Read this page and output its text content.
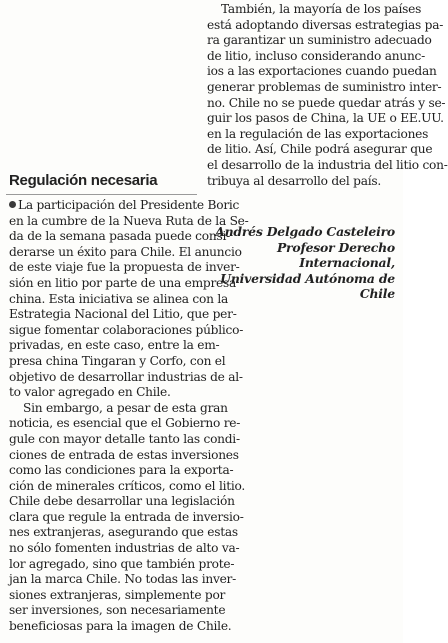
También, la mayoría de los países
está adoptando diversas estrategias pa-
ra garantizar un suministro adecuado
de litio, incluso considerando anunc-
ios a las exportaciones cuando puedan
generar problemas de suministro inter-
no. Chile no se puede quedar atrás y se-
guir los pasos de China, la UE o EE.UU.
en la regulación de las exportaciones
de litio. Así, Chile podrá asegurar que
el desarrollo de la industria del litio con-
tribuya al desarrollo del país.
Andrés Delgado Casteleiro
Profesor Derecho Internacional,
Universidad Autónoma de Chile
Regulación necesaria
La participación del Presidente Boric
en la cumbre de la Nueva Ruta de la Se-
da de la semana pasada puede consi-
derarse un éxito para Chile. El anuncio
de este viaje fue la propuesta de inver-
sión en litio por parte de una empresa
china. Esta iniciativa se alinea con la
Estrategia Nacional del Litio, que per-
sigue fomentar colaboraciones público-
privadas, en este caso, entre la em-
presa china Tingaran y Corfo, con el
objetivo de desarrollar industrias de al-
to valor agregado en Chile.
Sin embargo, a pesar de esta gran
noticia, es esencial que el Gobierno re-
gule con mayor detalle tanto las condi-
ciones de entrada de estas inversiones
como las condiciones para la exporta-
ción de minerales críticos, como el litio.
Chile debe desarrollar una legislación
clara que regule la entrada de inversio-
nes extranjeras, asegurando que estas
no sólo fomenten industrias de alto va-
lor agregado, sino que también prote-
jan la marca Chile. No todas las inver-
siones extranjeras, simplemente por
ser inversiones, son necesariamente
beneficiosas para la imagen de Chile.
